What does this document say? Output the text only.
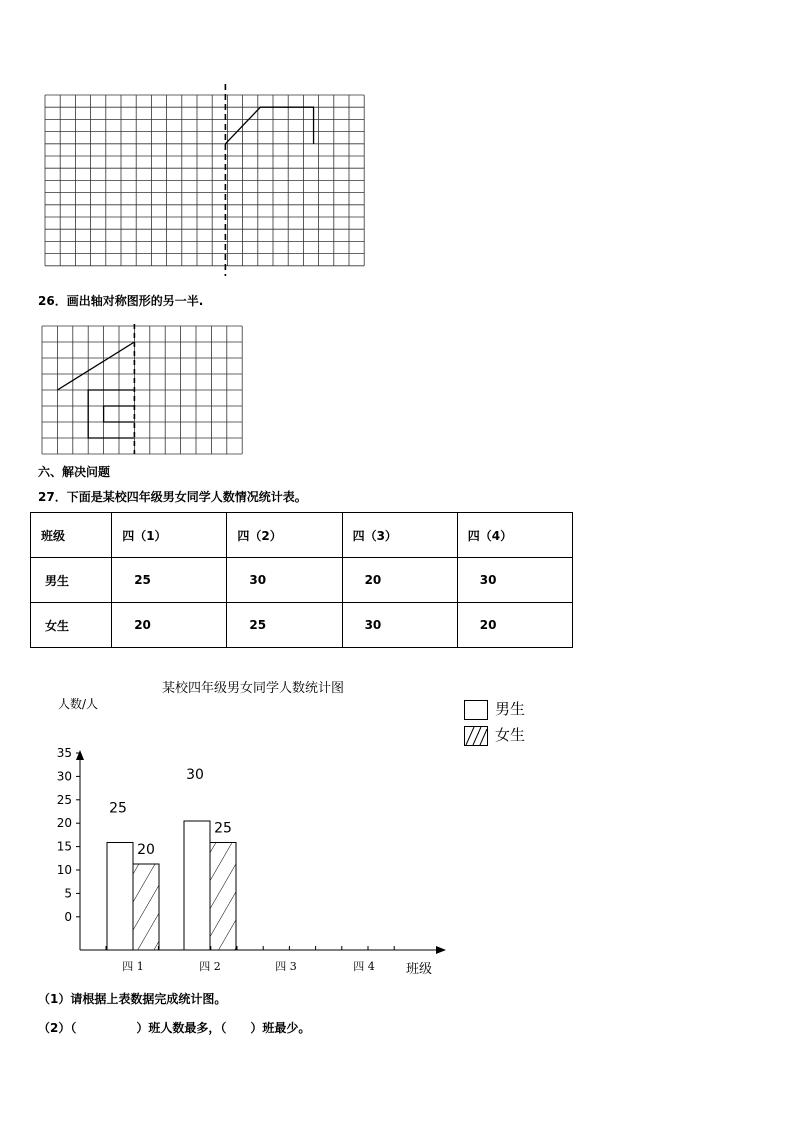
26．画出轴对称图形的另一半.
六、解决问题
27．下面是某校四年级男女同学人数情况统计表。
班级	四（1）	四（2）	四（3）	四（4）
男生	25	30	20	30
女生	20	25	30	20
某校四年级男女同学人数统计图
人数/人	男生
女生
35
30
25
20
15
10
5
0
四 1	四 2	四 3	四 4
25
30
20
25
班级
（1）请根据上表数据完成统计图。
（2）（　　　　　）班人数最多，（　　）班最少。
